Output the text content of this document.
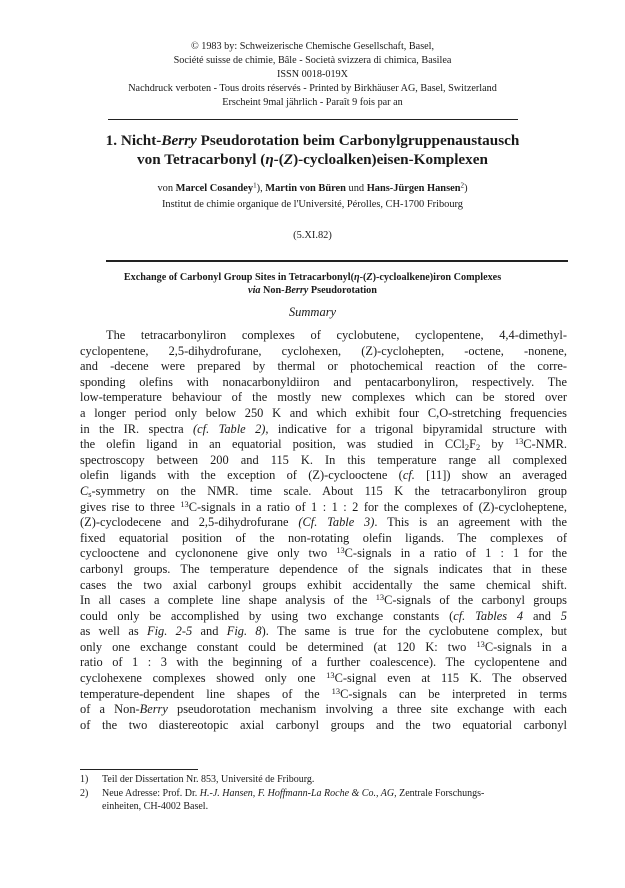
© 1983 by: Schweizerische Chemische Gesellschaft, Basel,
Société suisse de chimie, Bâle - Società svizzera di chimica, Basilea
ISSN 0018-019X
Nachdruck verboten - Tous droits réservés - Printed by Birkhäuser AG, Basel, Switzerland
Erscheint 9mal jährlich - Paraît 9 fois par an
1. Nicht-Berry Pseudorotation beim Carbonylgruppenaustausch
von Tetracarbonyl (η-(Z)-cycloalken)eisen-Komplexen
von Marcel Cosandey$^1$), Martin von Büren und Hans-Jürgen Hansen$^2$)
Institut de chimie organique de l'Université, Pérolles, CH-1700 Fribourg
(5.XI.82)
Exchange of Carbonyl Group Sites in Tetracarbonyl(η-(Z)-cycloalkene)iron Complexes
via Non-Berry Pseudorotation
Summary
The tetracarbonyliron complexes of cyclobutene, cyclopentene, 4,4-dimethyl-
cyclopentene, 2,5-dihydrofurane, cyclohexen, (Z)-cyclohepten, -octene, -nonene,
and -decene were prepared by thermal or photochemical reaction of the corre-
sponding olefins with nonacarbonyldiiron and pentacarbonyliron, respectively. The
low-temperature behaviour of the mostly new complexes which can be stored over
a longer period only below 250 K and which exhibit four C,O-stretching frequencies
in the IR. spectra (cf. Table 2), indicative for a trigonal bipyramidal structure with
the olefin ligand in an equatorial position, was studied in $CCl_2F_2$ by $^{13}$C-NMR.
spectroscopy between 200 and 115 K. In this temperature range all complexed
olefin ligands with the exception of (Z)-cyclooctene (cf. [11]) show an averaged
$C_s$-symmetry on the NMR. time scale. About 115 K the tetracarbonyliron group
gives rise to three $^{13}$C-signals in a ratio of 1 : 1 : 2 for the complexes of (Z)-cycloheptene,
(Z)-cyclodecene and 2,5-dihydrofurane (Cf. Table 3). This is an agreement with the
fixed equatorial position of the non-rotating olefin ligands. The complexes of
cyclooctene and cyclononene give only two $^{13}$C-signals in a ratio of 1 : 1 for the
carbonyl groups. The temperature dependence of the signals indicates that in these
cases the two axial carbonyl groups exhibit accidentally the same chemical shift.
In all cases a complete line shape analysis of the $^{13}$C-signals of the carbonyl groups
could only be accomplished by using two exchange constants (cf. Tables 4 and 5
as well as Fig. 2-5 and Fig. 8). The same is true for the cyclobutene complex, but
only one exchange constant could be determined (at 120 K: two $^{13}$C-signals in a
ratio of 1 : 3 with the beginning of a further coalescence). The cyclopentene and
cyclohexene complexes showed only one $^{13}$C-signal even at 115 K. The observed
temperature-dependent line shapes of the $^{13}$C-signals can be interpreted in terms
of a Non-Berry pseudorotation mechanism involving a three site exchange with each
of the two diastereotopic axial carbonyl groups and the two equatorial carbonyl
1) Teil der Dissertation Nr. 853, Université de Fribourg.
2) Neue Adresse: Prof. Dr. H.-J. Hansen, F. Hoffmann-La Roche & Co., AG, Zentrale Forschungs-
einheiten, CH-4002 Basel.
